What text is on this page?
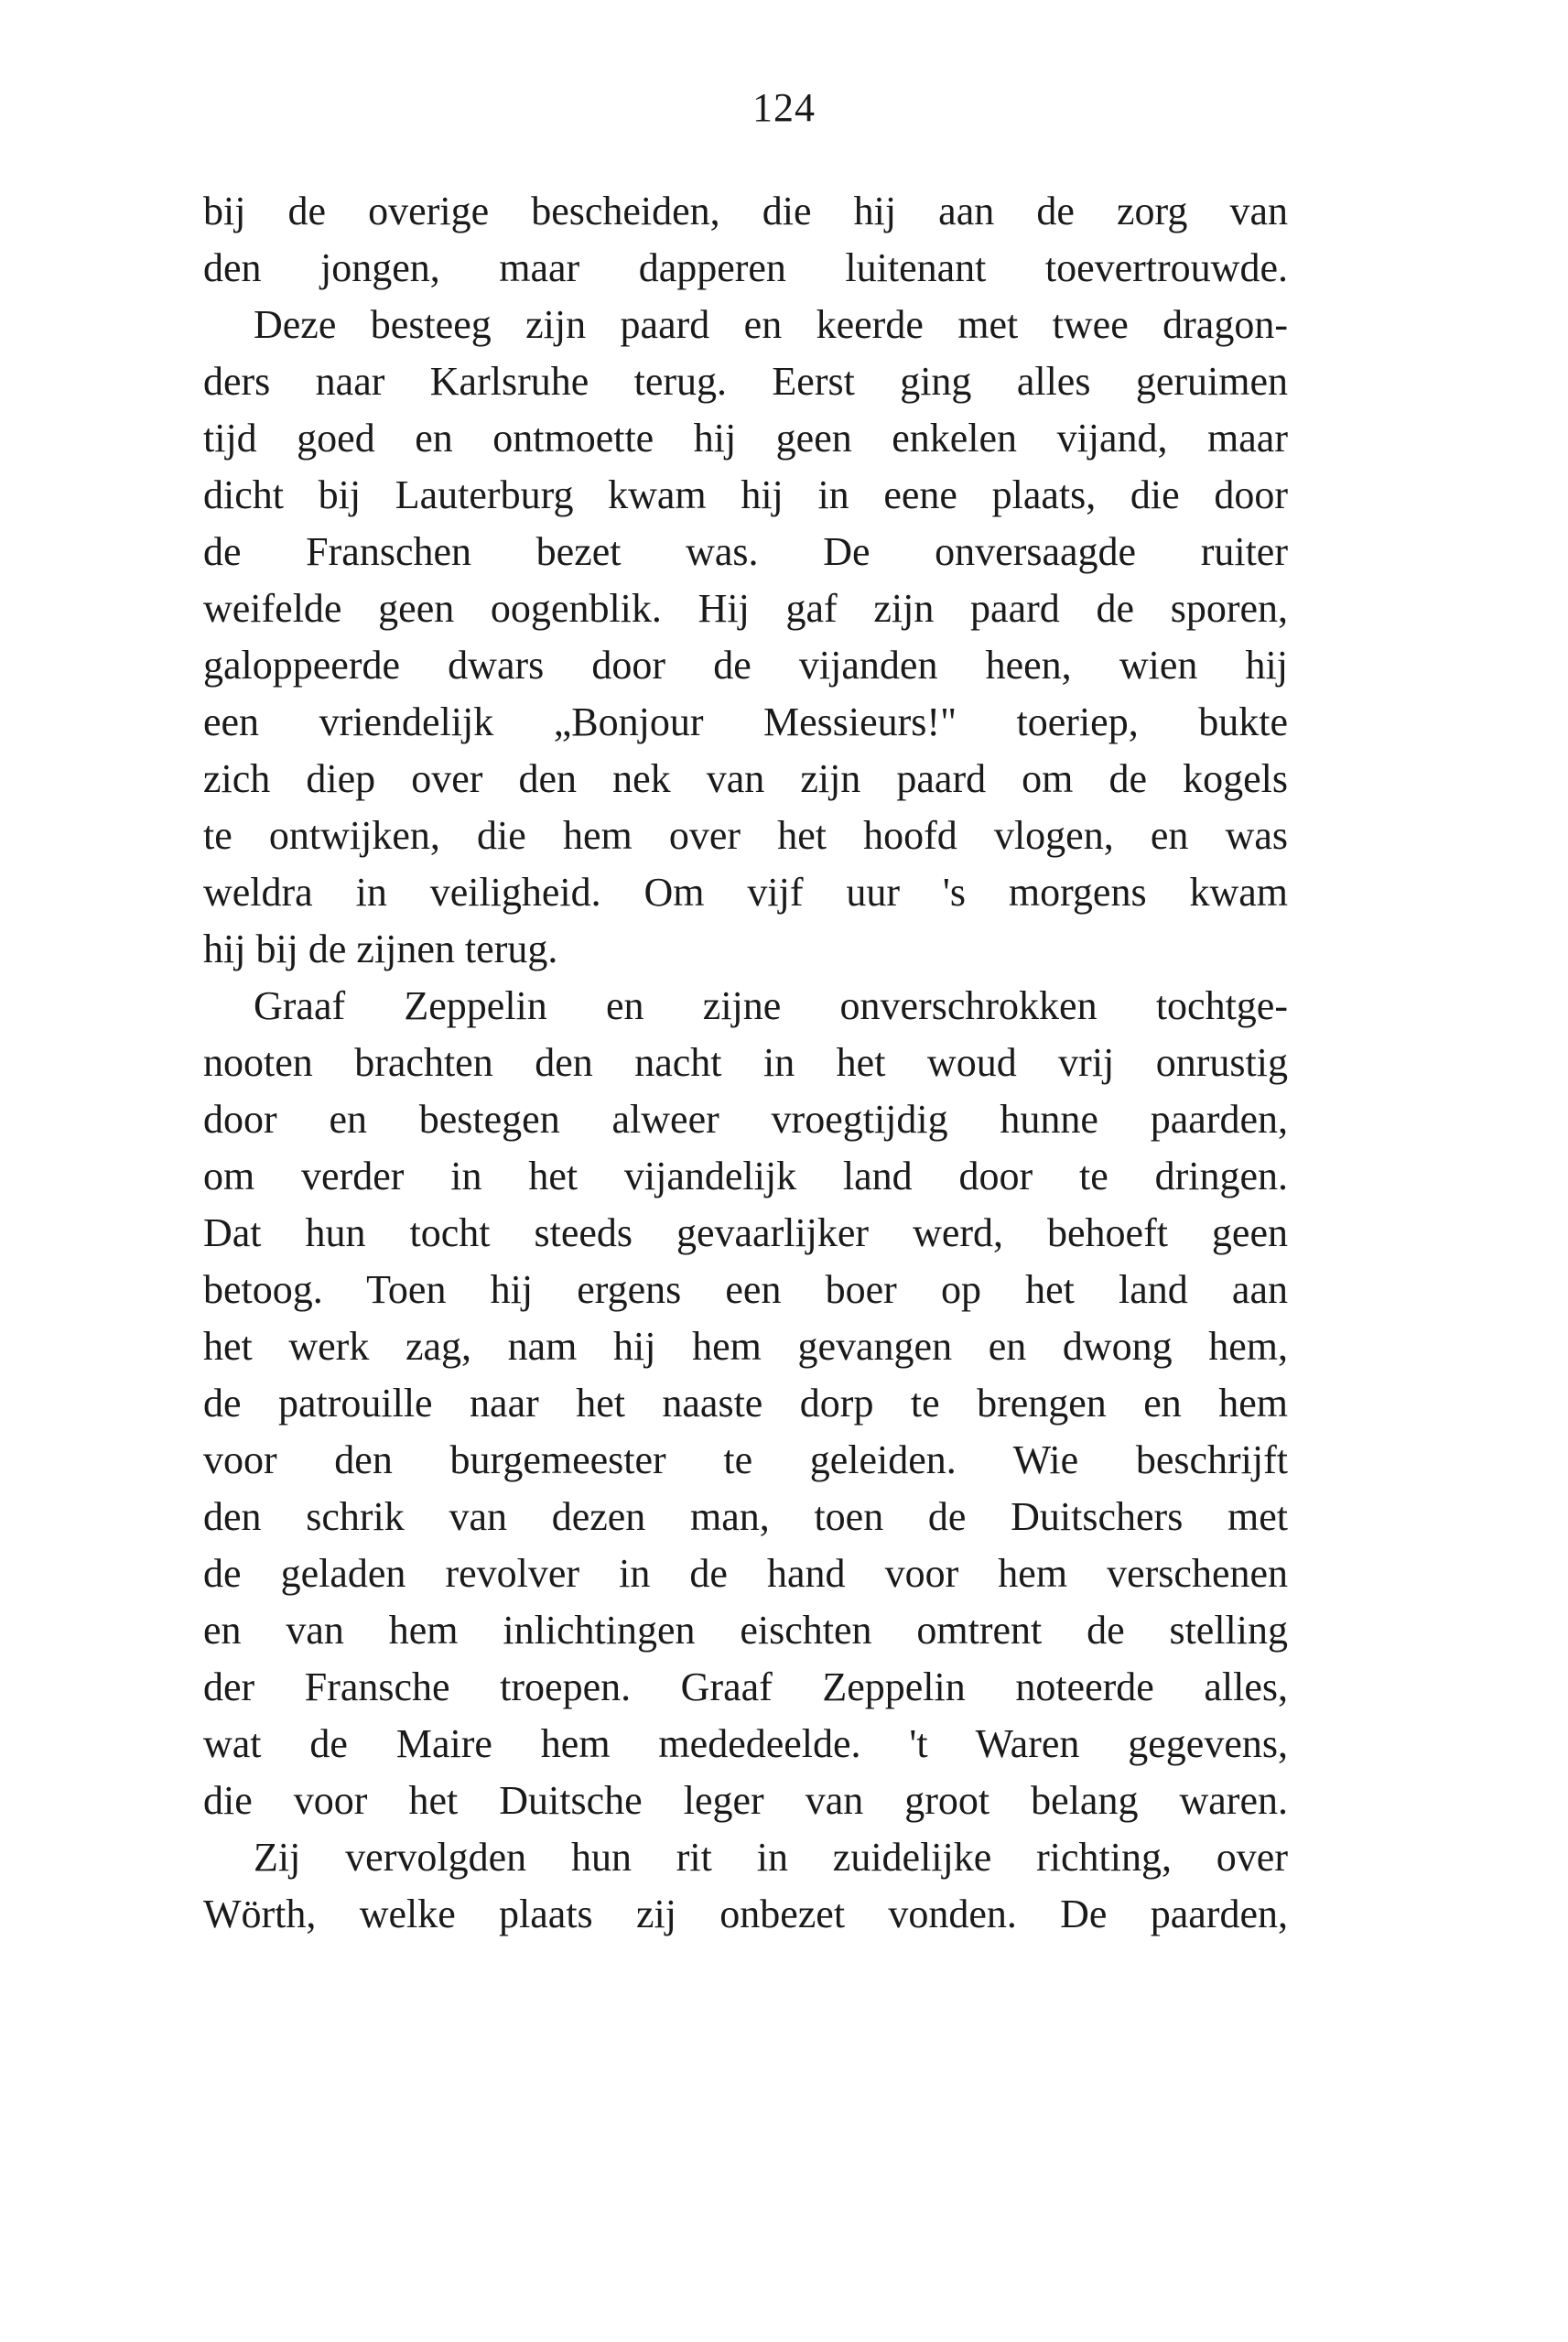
124
bij de overige bescheiden, die hij aan de zorg van
den jongen, maar dapperen luitenant toevertrouwde.
Deze besteeg zijn paard en keerde met twee dragon-
ders naar Karlsruhe terug. Eerst ging alles geruimen
tijd goed en ontmoette hij geen enkelen vijand, maar
dicht bij Lauterburg kwam hij in eene plaats, die door
de Franschen bezet was. De onversaagde ruiter
weifelde geen oogenblik. Hij gaf zijn paard de sporen,
galoppeerde dwars door de vijanden heen, wien hij
een vriendelijk „Bonjour Messieurs!" toeriep, bukte
zich diep over den nek van zijn paard om de kogels
te ontwijken, die hem over het hoofd vlogen, en was
weldra in veiligheid. Om vijf uur 's morgens kwam
hij bij de zijnen terug.
Graaf Zeppelin en zijne onverschrokken tochtge-
nooten brachten den nacht in het woud vrij onrustig
door en bestegen alweer vroegtijdig hunne paarden,
om verder in het vijandelijk land door te dringen.
Dat hun tocht steeds gevaarlijker werd, behoeft geen
betoog. Toen hij ergens een boer op het land aan
het werk zag, nam hij hem gevangen en dwong hem,
de patrouille naar het naaste dorp te brengen en hem
voor den burgemeester te geleiden. Wie beschrijft
den schrik van dezen man, toen de Duitschers met
de geladen revolver in de hand voor hem verschenen
en van hem inlichtingen eischten omtrent de stelling
der Fransche troepen. Graaf Zeppelin noteerde alles,
wat de Maire hem mededeelde. 't Waren gegevens,
die voor het Duitsche leger van groot belang waren.
Zij vervolgden hun rit in zuidelijke richting, over
Wörth, welke plaats zij onbezet vonden. De paarden,
